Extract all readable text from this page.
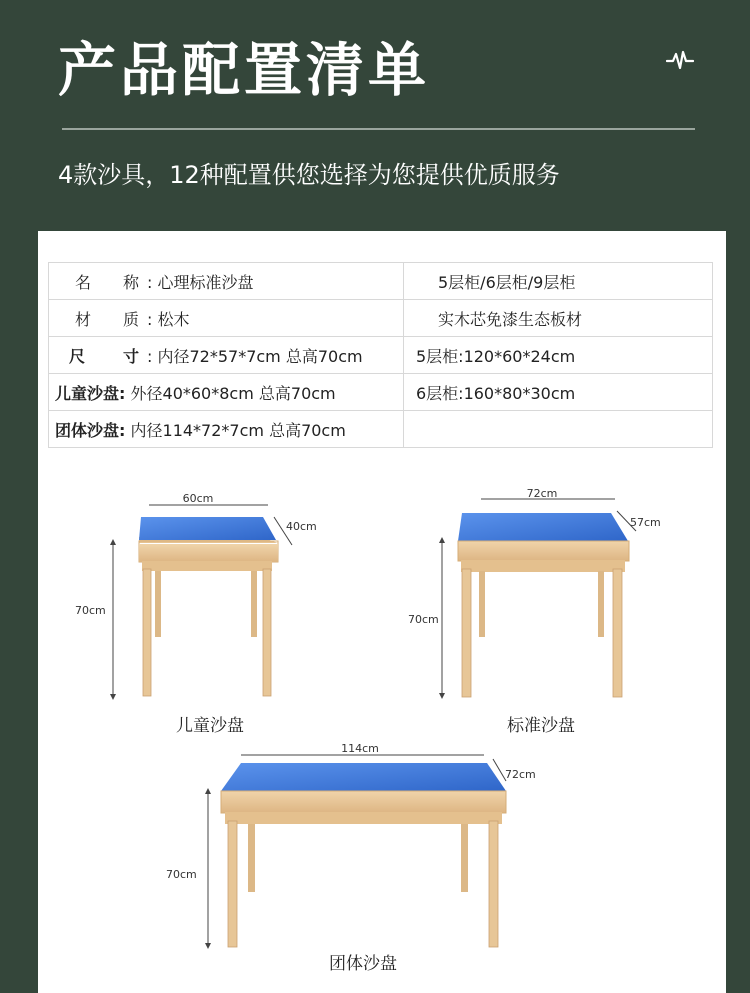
产品配置清单
4款沙具，12种配置供您选择为您提供优质服务
名 称 : 心理标准沙盘	5层柜/6层柜/9层柜
材 质 : 松木	实木芯免漆生态板材
尺 寸 : 内径72*57*7cm 总高70cm	5层柜:120*60*24cm
儿童沙盘: 外径40*60*8cm 总高70cm	6层柜:160*80*30cm
团体沙盘: 内径114*72*7cm 总高70cm	
60cm
40cm
70cm
72cm
57cm
70cm
114cm
72cm
70cm
儿童沙盘	标准沙盘
团体沙盘
